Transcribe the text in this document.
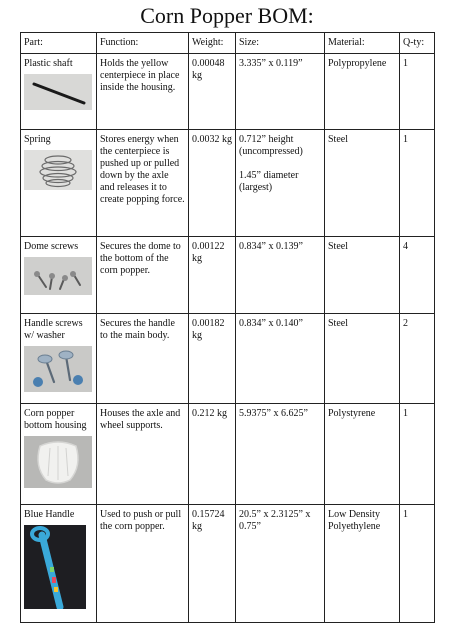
Corn Popper BOM:
Part:	Function:	Weight:	Size:	Material:	Q-ty:

Plastic shaft	Holds the yellow centerpiece in place inside the housing.	0.00048 kg	3.335” x 0.119”	Polypropylene	1

Spring	Stores energy when the centerpiece is pushed up or pulled down by the axle and releases it to create popping force.	0.0032 kg	0.712” height (uncompressed)
1.45” diameter (largest)	Steel	1

Dome screws	Secures the dome to the bottom of the corn popper.	0.00122 kg	0.834” x 0.139”	Steel	4

Handle screws w/ washer	Secures the handle to the main body.	0.00182 kg	0.834” x 0.140”	Steel	2

Corn popper bottom housing	Houses the axle and wheel supports.	0.212 kg	5.9375” x 6.625”	Polystyrene	1

Blue Handle	Used to push or pull the corn popper.	0.15724 kg	20.5” x 2.3125” x 0.75”	Low Density Polyethylene	1
